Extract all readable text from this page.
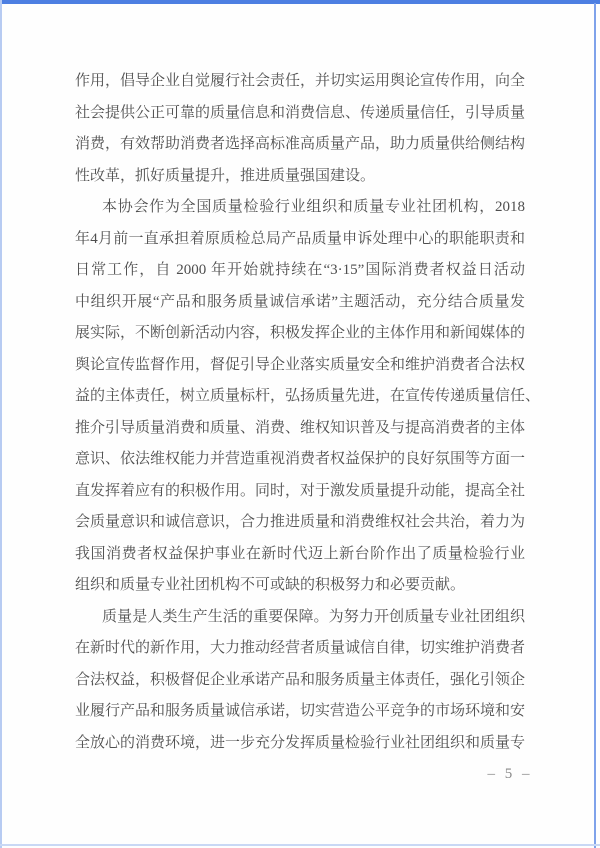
作用，倡导企业自觉履行社会责任，并切实运用舆论宣传作用，向全
社会提供公正可靠的质量信息和消费信息、传递质量信任，引导质量
消费，有效帮助消费者选择高标准高质量产品，助力质量供给侧结构
性改革，抓好质量提升，推进质量强国建设。
本协会作为全国质量检验行业组织和质量专业社团机构，2018
年4月前一直承担着原质检总局产品质量申诉处理中心的职能职责和
日常工作，自 2000 年开始就持续在“3·15”国际消费者权益日活动
中组织开展“产品和服务质量诚信承诺”主题活动，充分结合质量发
展实际，不断创新活动内容，积极发挥企业的主体作用和新闻媒体的
舆论宣传监督作用，督促引导企业落实质量安全和维护消费者合法权
益的主体责任，树立质量标杆，弘扬质量先进，在宣传传递质量信任、
推介引导质量消费和质量、消费、维权知识普及与提高消费者的主体
意识、依法维权能力并营造重视消费者权益保护的良好氛围等方面一
直发挥着应有的积极作用。同时，对于激发质量提升动能，提高全社
会质量意识和诚信意识，合力推进质量和消费维权社会共治，着力为
我国消费者权益保护事业在新时代迈上新台阶作出了质量检验行业
组织和质量专业社团机构不可或缺的积极努力和必要贡献。
质量是人类生产生活的重要保障。为努力开创质量专业社团组织
在新时代的新作用，大力推动经营者质量诚信自律，切实维护消费者
合法权益，积极督促企业承诺产品和服务质量主体责任，强化引领企
业履行产品和服务质量诚信承诺，切实营造公平竞争的市场环境和安
全放心的消费环境，进一步充分发挥质量检验行业社团组织和质量专
– 5 –
